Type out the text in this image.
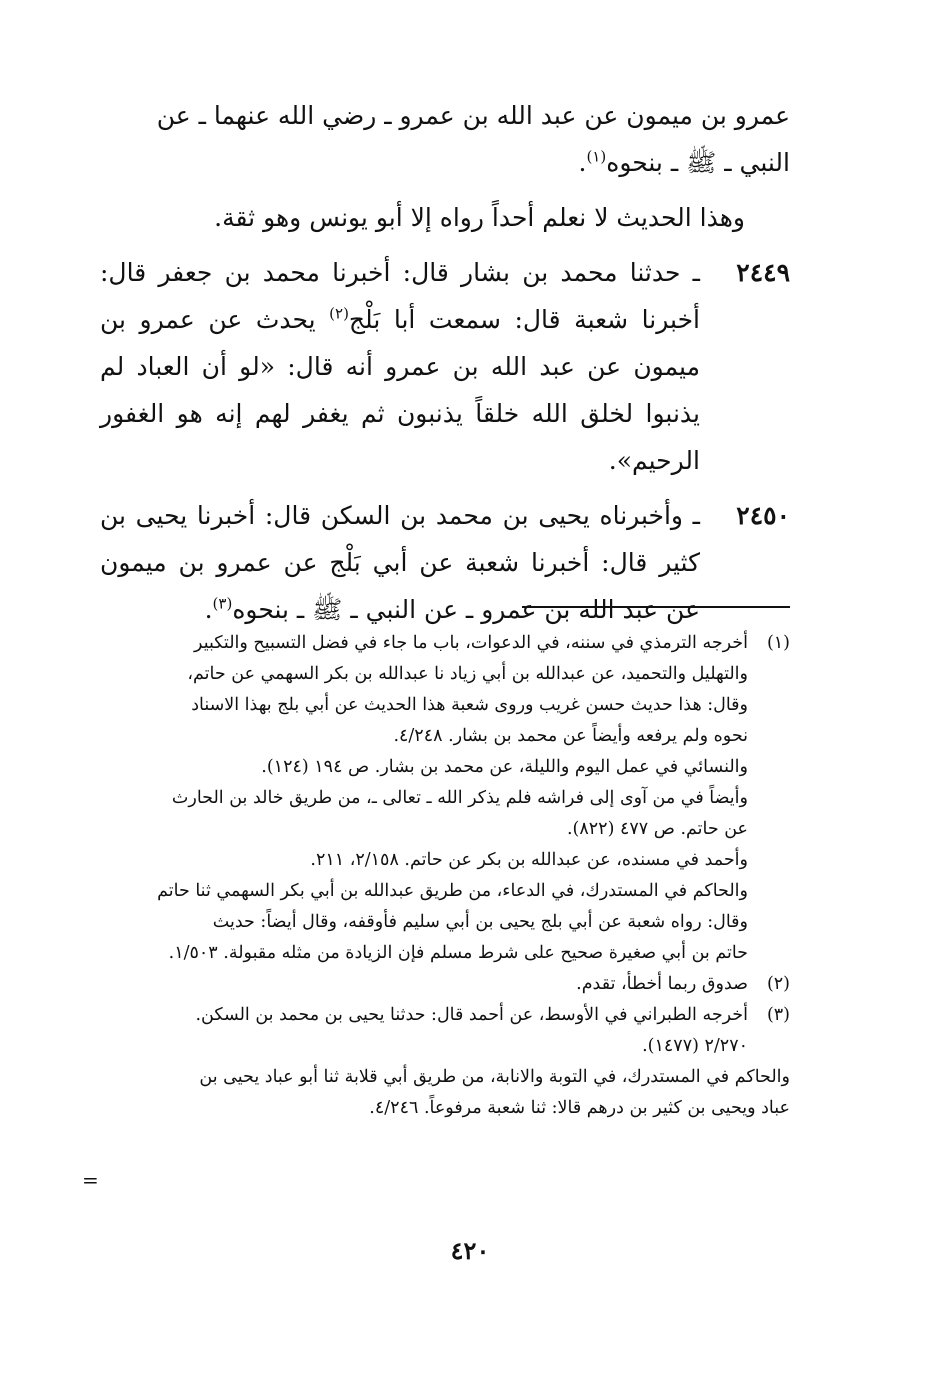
عمرو بن ميمون عن عبد الله بن عمرو ـ رضي الله عنهما ـ عن
النبي ـ ﷺ ـ بنحوه$^{(١)}$.

وهذا الحديث لا نعلم أحداً رواه إلا أبو يونس وهو ثقة.

٢٤٤٩

ـ حدثنا محمد بن بشار قال: أخبرنا محمد بن جعفر قال: أخبرنا شعبة قال: سمعت أبا بَلْج$^{(٢)}$ يحدث عن عمرو بن ميمون عن عبد الله بن عمرو أنه قال: «لو أن العباد لم يذنبوا لخلق الله خلقاً يذنبون ثم يغفر لهم إنه هو الغفور الرحيم».

٢٤٥٠

ـ وأخبرناه يحيى بن محمد بن السكن قال: أخبرنا يحيى بن كثير قال: أخبرنا شعبة عن أبي بَلْج عن عمرو بن ميمون عن عبد الله بن عمرو ـ عن النبي ـ ﷺ ـ بنحوه$^{(٣)}$.

(١)

أخرجه الترمذي في سننه، في الدعوات، باب ما جاء في فضل التسبيح والتكبير

والتهليل والتحميد، عن عبدالله بن أبي زياد نا عبدالله بن بكر السهمي عن حاتم،

وقال: هذا حديث حسن غريب وروى شعبة هذا الحديث عن أبي بلج بهذا الاسناد

نحوه ولم يرفعه وأيضاً عن محمد بن بشار. ٤/٢٤٨.

والنسائي في عمل اليوم والليلة، عن محمد بن بشار. ص ١٩٤ (١٢٤).

وأيضاً في من آوى إلى فراشه فلم يذكر الله ـ تعالى ـ، من طريق خالد بن الحارث

عن حاتم. ص ٤٧٧ (٨٢٢).

وأحمد في مسنده، عن عبدالله بن بكر عن حاتم. ٢/١٥٨، ٢١١.

والحاكم في المستدرك، في الدعاء، من طريق عبدالله بن أبي بكر السهمي ثنا حاتم

وقال: رواه شعبة عن أبي بلج يحيى بن أبي سليم فأوقفه، وقال أيضاً: حديث

حاتم بن أبي صغيرة صحيح على شرط مسلم فإن الزيادة من مثله مقبولة. ١/٥٠٣.

(٢)

صدوق ربما أخطأ، تقدم.

(٣)

أخرجه الطبراني في الأوسط، عن أحمد قال: حدثنا يحيى بن محمد بن السكن.

٢/٢٧٠ (١٤٧٧).

والحاكم في المستدرك، في التوبة والانابة، من طريق أبي قلابة ثنا أبو عباد يحيى بن

عباد ويحيى بن كثير بن درهم قالا: ثنا شعبة مرفوعاً. ٤/٢٤٦.

=
٤٢٠
